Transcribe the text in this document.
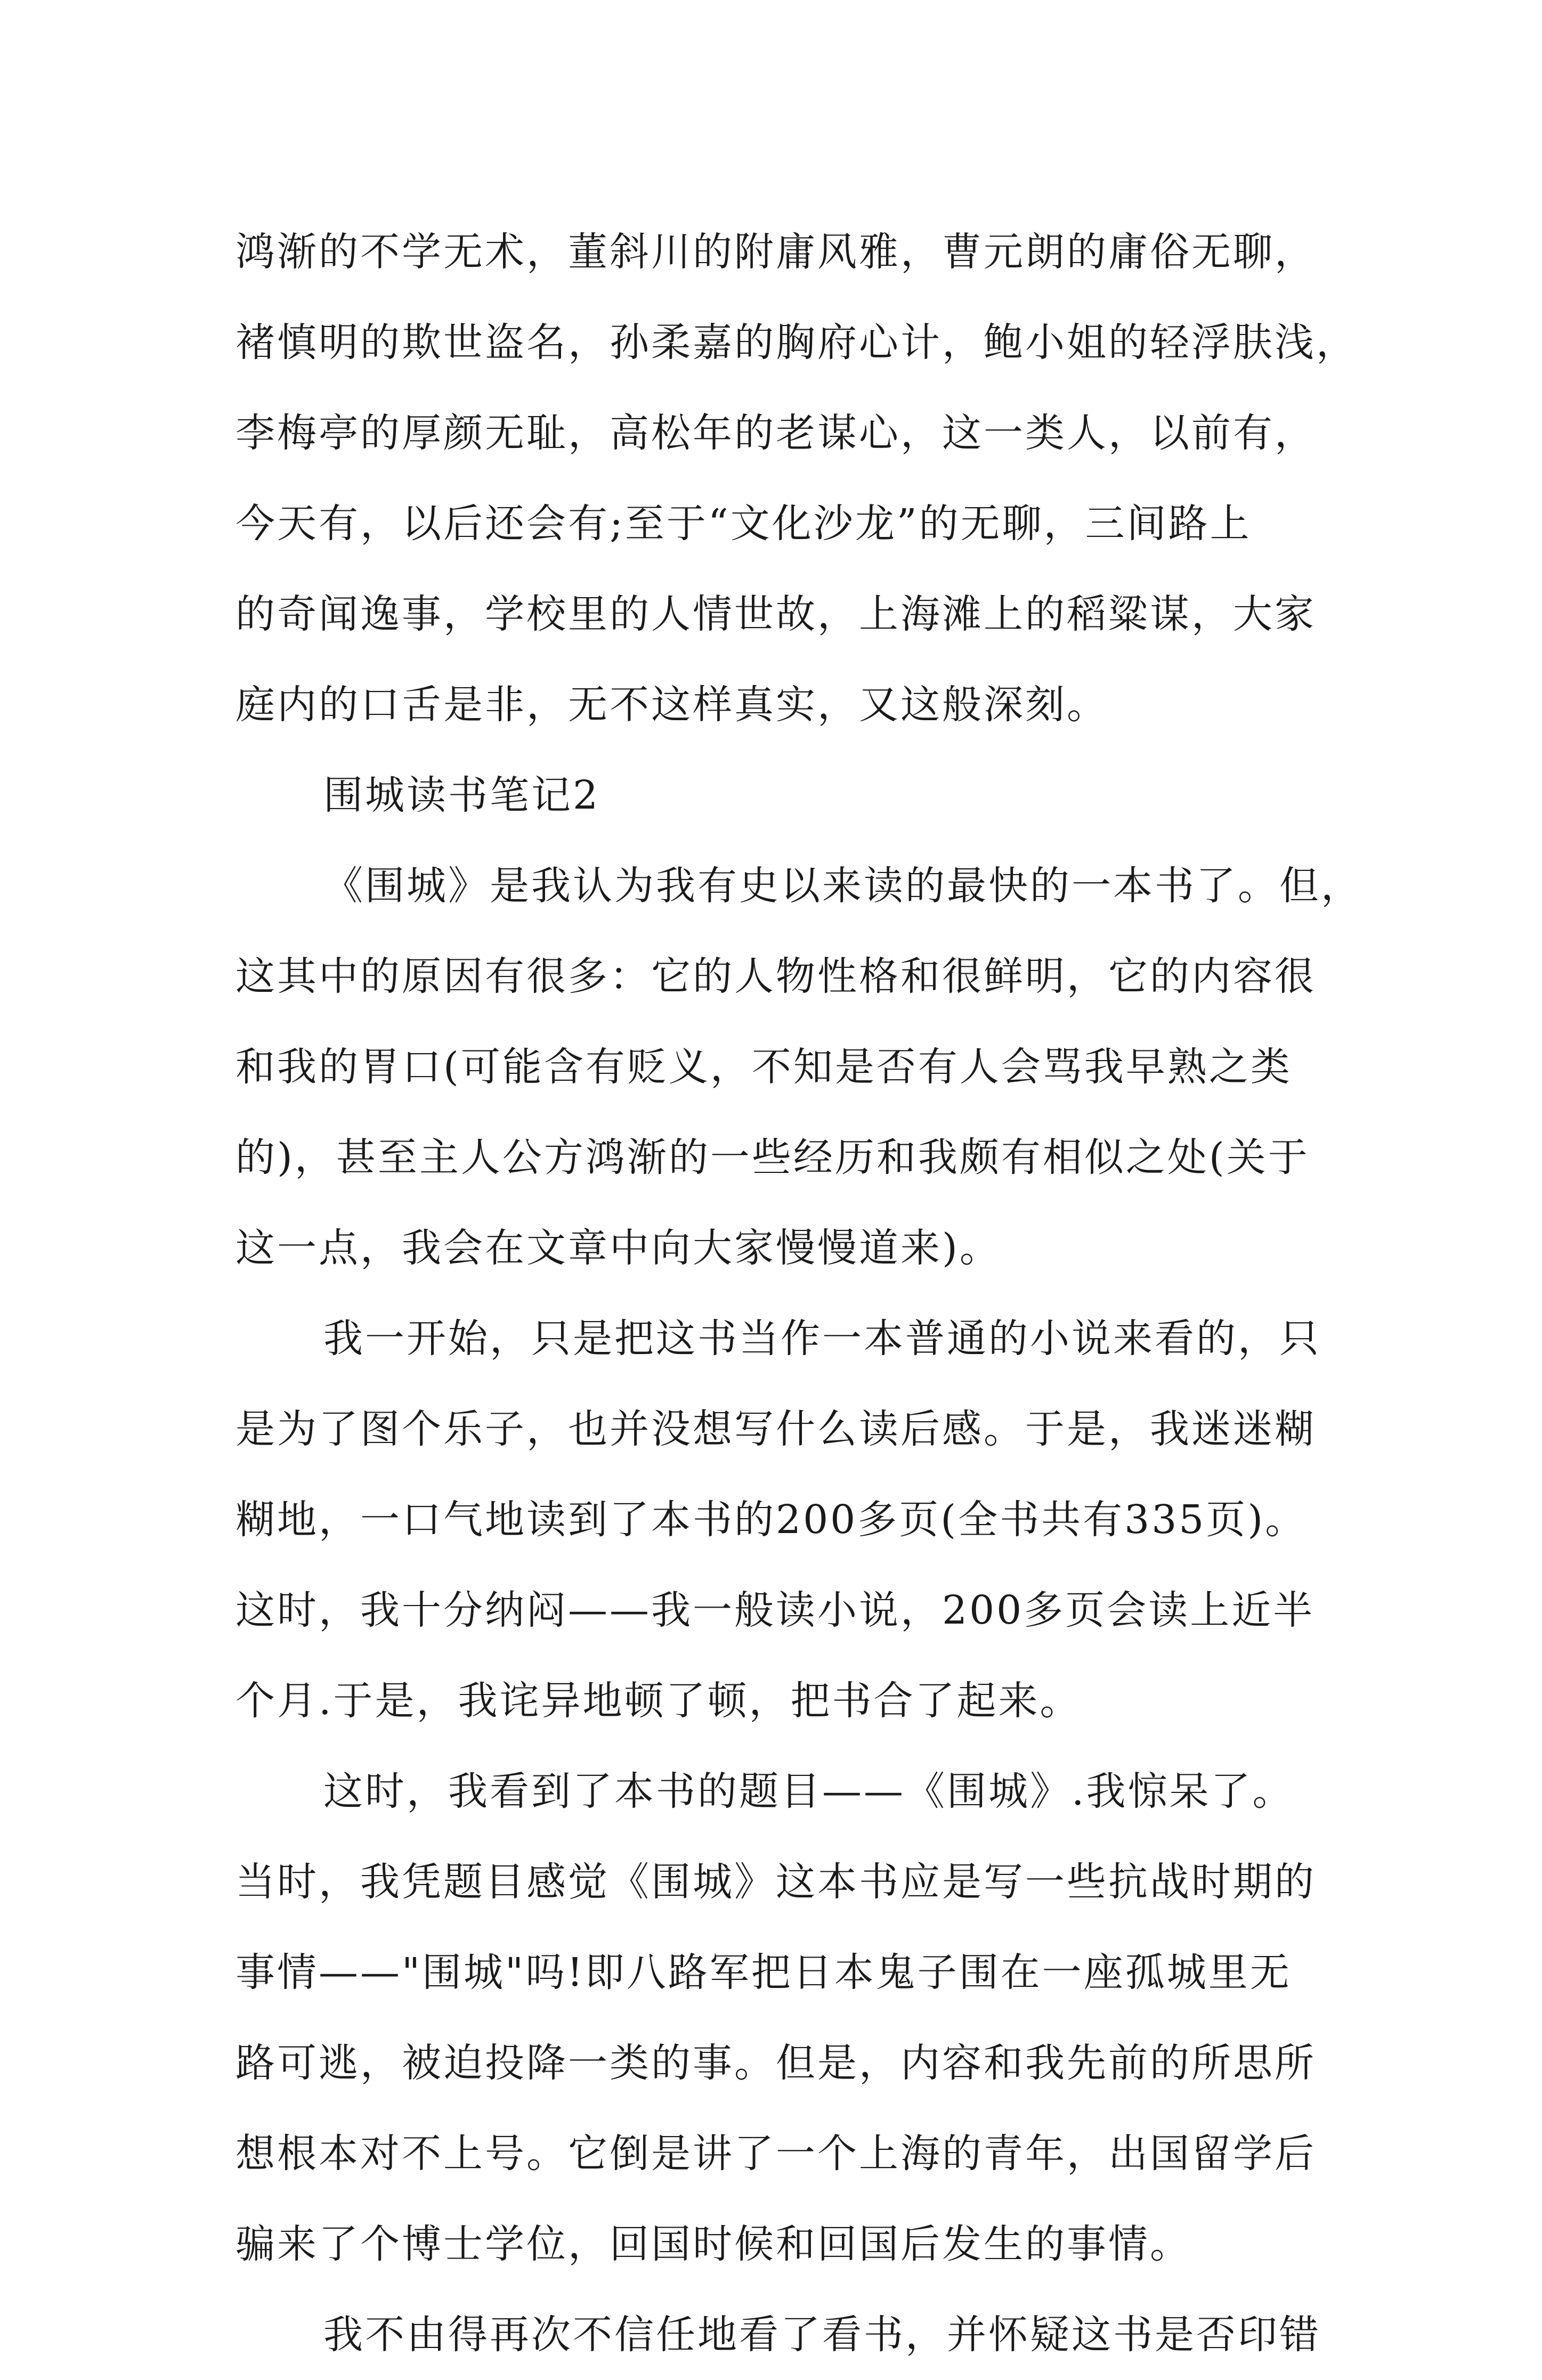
鸿渐的不学无术，董斜川的附庸风雅，曹元朗的庸俗无聊，
褚慎明的欺世盗名，孙柔嘉的胸府心计，鲍小姐的轻浮肤浅，
李梅亭的厚颜无耻，高松年的老谋心，这一类人，以前有，
今天有，以后还会有;至于“文化沙龙”的无聊，三间路上
的奇闻逸事，学校里的人情世故，上海滩上的稻粱谋，大家
庭内的口舌是非，无不这样真实，又这般深刻。
围城读书笔记2
《围城》是我认为我有史以来读的最快的一本书了。但，
这其中的原因有很多：它的人物性格和很鲜明，它的内容很
和我的胃口(可能含有贬义，不知是否有人会骂我早熟之类
的)，甚至主人公方鸿渐的一些经历和我颇有相似之处(关于
这一点，我会在文章中向大家慢慢道来)。
我一开始，只是把这书当作一本普通的小说来看的，只
是为了图个乐子，也并没想写什么读后感。于是，我迷迷糊
糊地，一口气地读到了本书的200多页(全书共有335页)。
这时，我十分纳闷——我一般读小说，200多页会读上近半
个月.于是，我诧异地顿了顿，把书合了起来。
这时，我看到了本书的题目——《围城》.我惊呆了。
当时，我凭题目感觉《围城》这本书应是写一些抗战时期的
事情——"围城"吗!即八路军把日本鬼子围在一座孤城里无
路可逃，被迫投降一类的事。但是，内容和我先前的所思所
想根本对不上号。它倒是讲了一个上海的青年，出国留学后
骗来了个博士学位，回国时候和回国后发生的事情。
我不由得再次不信任地看了看书，并怀疑这书是否印错
